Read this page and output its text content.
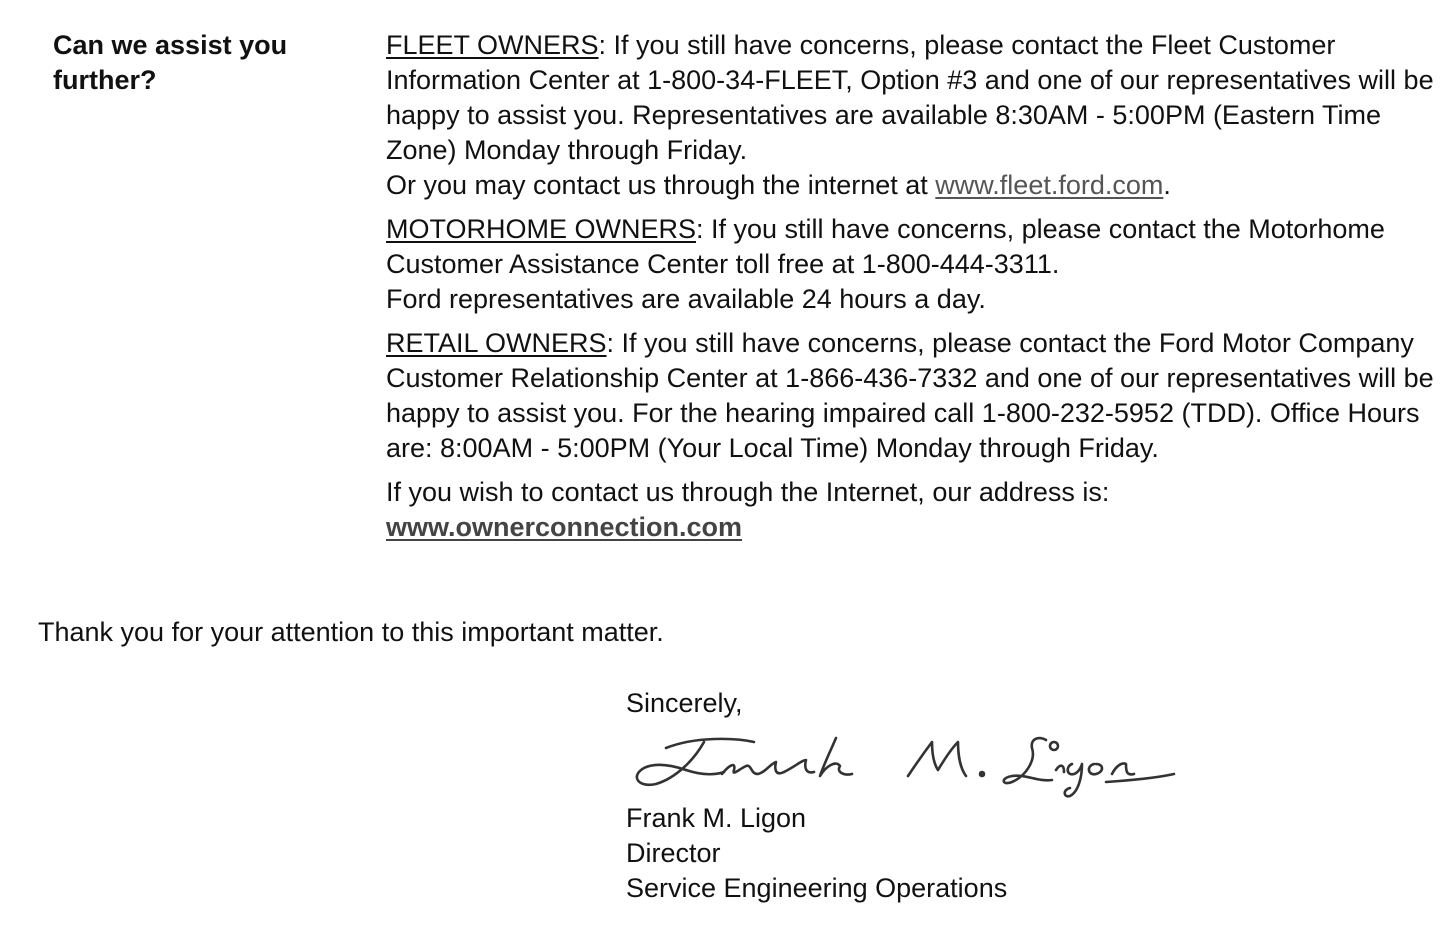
Can we assist you further?

FLEET OWNERS: If you still have concerns, please contact the Fleet Customer Information Center at 1-800-34-FLEET, Option #3 and one of our representatives will be happy to assist you. Representatives are available 8:30AM - 5:00PM (Eastern Time Zone) Monday through Friday.
Or you may contact us through the internet at www.fleet.ford.com.

MOTORHOME OWNERS: If you still have concerns, please contact the Motorhome Customer Assistance Center toll free at 1-800-444-3311.
Ford representatives are available 24 hours a day.

RETAIL OWNERS: If you still have concerns, please contact the Ford Motor Company Customer Relationship Center at 1-866-436-7332 and one of our representatives will be happy to assist you. For the hearing impaired call 1-800-232-5952 (TDD). Office Hours are: 8:00AM - 5:00PM (Your Local Time) Monday through Friday.

If you wish to contact us through the Internet, our address is:
www.ownerconnection.com

Thank you for your attention to this important matter.
Sincerely,
Frank M. Ligon
Director
Service Engineering Operations
